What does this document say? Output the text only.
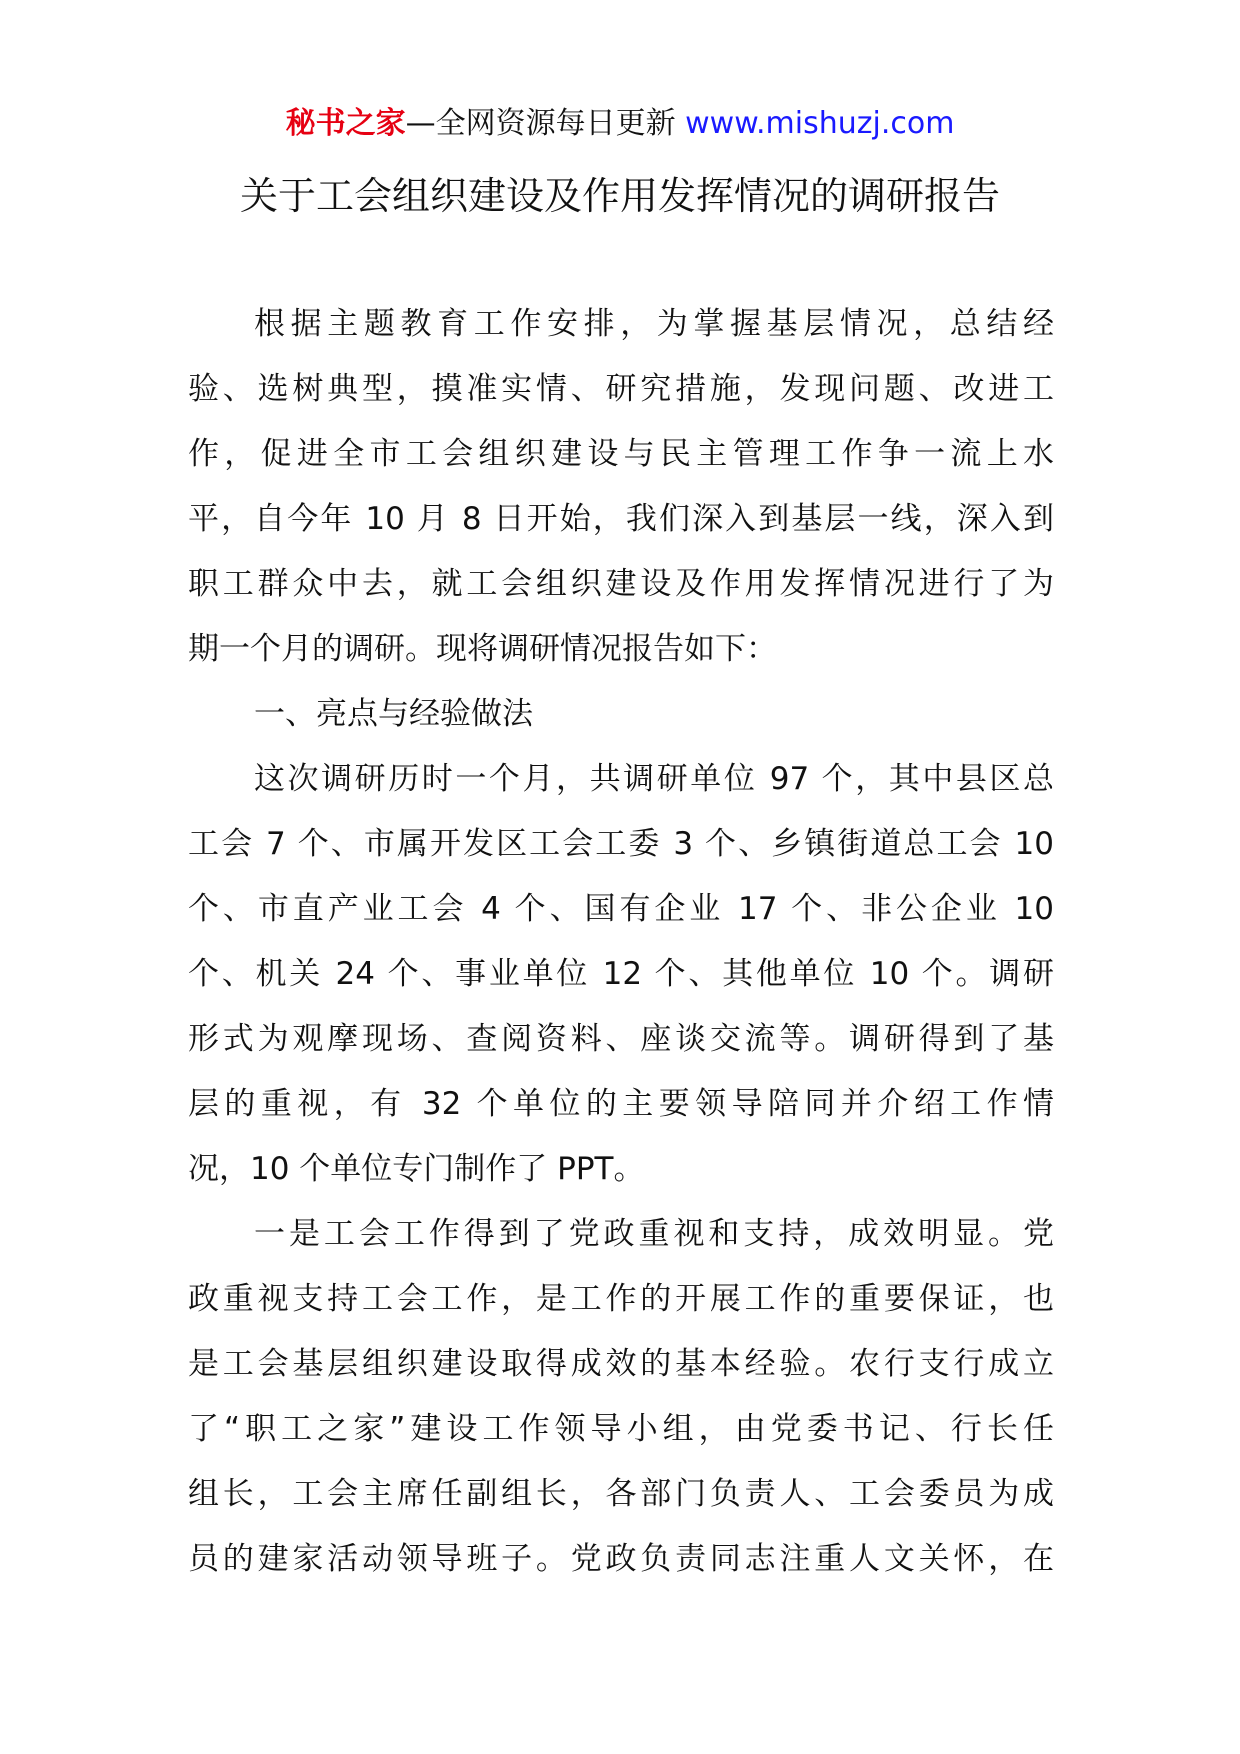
秘书之家—全网资源每日更新 www.mishuzj.com
关于工会组织建设及作用发挥情况的调研报告
根据主题教育工作安排，为掌握基层情况，总结经
验、选树典型，摸准实情、研究措施，发现问题、改进工
作，促进全市工会组织建设与民主管理工作争一流上水
平，自今年 10 月 8 日开始，我们深入到基层一线，深入到
职工群众中去，就工会组织建设及作用发挥情况进行了为
期一个月的调研。现将调研情况报告如下：
一、亮点与经验做法
这次调研历时一个月，共调研单位 97 个，其中县区总
工会 7 个、市属开发区工会工委 3 个、乡镇街道总工会 10
个、市直产业工会 4 个、国有企业 17 个、非公企业 10
个、机关 24 个、事业单位 12 个、其他单位 10 个。调研
形式为观摩现场、查阅资料、座谈交流等。调研得到了基
层的重视，有 32 个单位的主要领导陪同并介绍工作情
况，10 个单位专门制作了 PPT。
一是工会工作得到了党政重视和支持，成效明显。党
政重视支持工会工作，是工作的开展工作的重要保证，也
是工会基层组织建设取得成效的基本经验。农行支行成立
了“职工之家”建设工作领导小组，由党委书记、行长任
组长，工会主席任副组长，各部门负责人、工会委员为成
员的建家活动领导班子。党政负责同志注重人文关怀，在
